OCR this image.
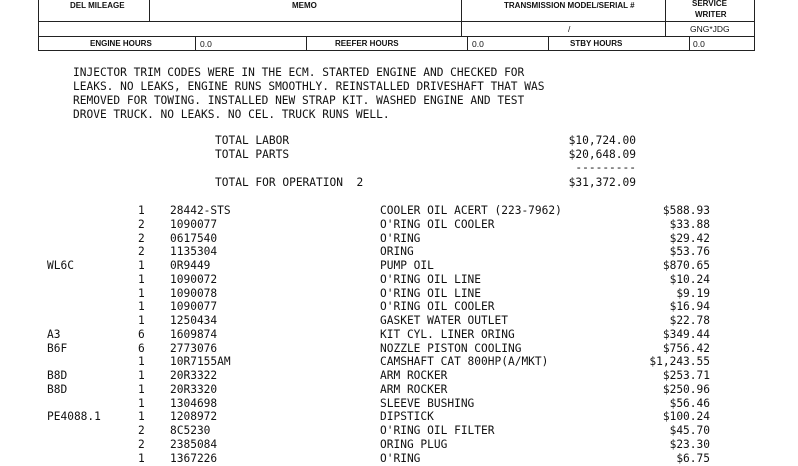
DEL MILEAGE	MEMO	TRANSMISSION MODEL/SERIAL #	SERVICE
WRITER
/	GNG*JDG
ENGINE HOURS	0.0	REEFER HOURS	0.0	STBY HOURS	0.0
INJECTOR TRIM CODES WERE IN THE ECM. STARTED ENGINE AND CHECKED FOR
LEAKS. NO LEAKS, ENGINE RUNS SMOOTHLY. REINSTALLED DRIVESHAFT THAT WAS
REMOVED FOR TOWING. INSTALLED NEW STRAP KIT. WASHED ENGINE AND TEST
DROVE TRUCK. NO LEAKS. NO CEL. TRUCK RUNS WELL.
TOTAL LABOR	$10,724.00
TOTAL PARTS	$20,648.09
---------
TOTAL FOR OPERATION  2	$31,372.09
1 28442-STS	COOLER OIL ACERT (223-7962)	$588.93
2 1090077	O'RING OIL COOLER	$33.88
2 0617540	O'RING	$29.42
2 1135304	ORING	$53.76
WL6C	1 0R9449	PUMP OIL	$870.65
1 1090072	O'RING OIL LINE	$10.24
1 1090078	O'RING OIL LINE	$9.19
1 1090077	O'RING OIL COOLER	$16.94
1 1250434	GASKET WATER OUTLET	$22.78
A3	6 1609874	KIT CYL. LINER ORING	$349.44
B6F	6 2773076	NOZZLE PISTON COOLING	$756.42
1 10R7155AM	CAMSHAFT CAT 800HP(A/MKT)	$1,243.55
B8D	1 20R3322	ARM ROCKER	$253.71
B8D	1 20R3320	ARM ROCKER	$250.96
1 1304698	SLEEVE BUSHING	$56.46
PE4088.1	1 1208972	DIPSTICK	$100.24
2 8C5230	O'RING OIL FILTER	$45.70
2 2385084	ORING PLUG	$23.30
1 1367226	O'RING	$6.75
